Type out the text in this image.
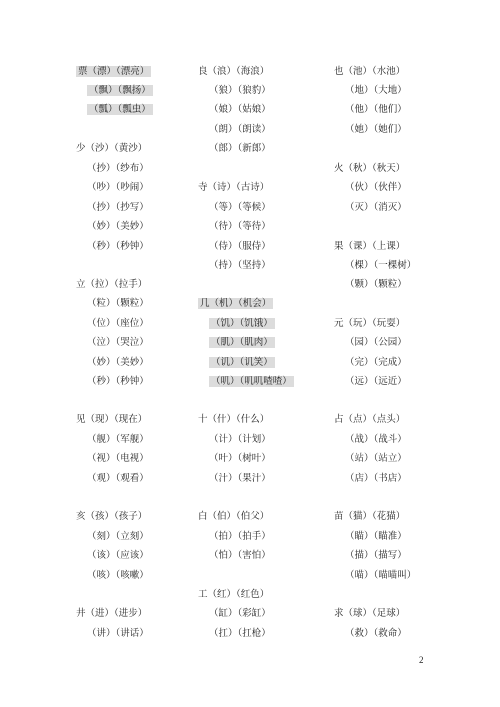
票（漂）（漂亮）
（飘）（飘扬）
（瓢）（瓢虫）
少（沙）（黄沙）
（抄）（纱布）
（吵）（吵闹）
（抄）（抄写）
（妙）（美妙）
（秒）（秒钟）
立（拉）（拉手）
（粒）（颗粒）
（位）（座位）
（泣）（哭泣）
（妙）（美妙）
（秒）（秒钟）
见（现）（现在）
（舰）（军舰）
（视）（电视）
（观）（观看）
亥（孩）（孩子）
（刻）（立刻）
（该）（应该）
（咳）（咳嗽）
井（进）（进步）
（讲）（讲话）
良（浪）（海浪）
（狼）（狼豹）
（娘）（姑娘）
（朗）（朗读）
（郎）（新郎）
寺（诗）（古诗）
（等）（等候）
（待）（等待）
（侍）（服侍）
（持）（坚持）
几（机）（机会）
（饥）（饥饿）
（肌）（肌肉）
（讥）（讥笑）
（叽）（叽叽喳喳）
十（什）（什么）
（计）（计划）
（叶）（树叶）
（汁）（果汁）
白（伯）（伯父）
（拍）（拍手）
（怕）（害怕）
工（红）（红色）
（缸）（彩缸）
（扛）（扛枪）
也（池）（水池）
（地）（大地）
（他）（他们）
（她）（她们）
火（秋）（秋天）
（伙）（伙伴）
（灭）（消灭）
果（课）（上课）
（棵）（一棵树）
（颗）（颗粒）
元（玩）（玩耍）
（园）（公园）
（完）（完成）
（远）（远近）
占（点）（点头）
（战）（战斗）
（站）（站立）
（店）（书店）
苗（猫）（花猫）
（瞄）（瞄准）
（描）（描写）
（喵）（喵喵叫）
求（球）（足球）
（救）（救命）
2
